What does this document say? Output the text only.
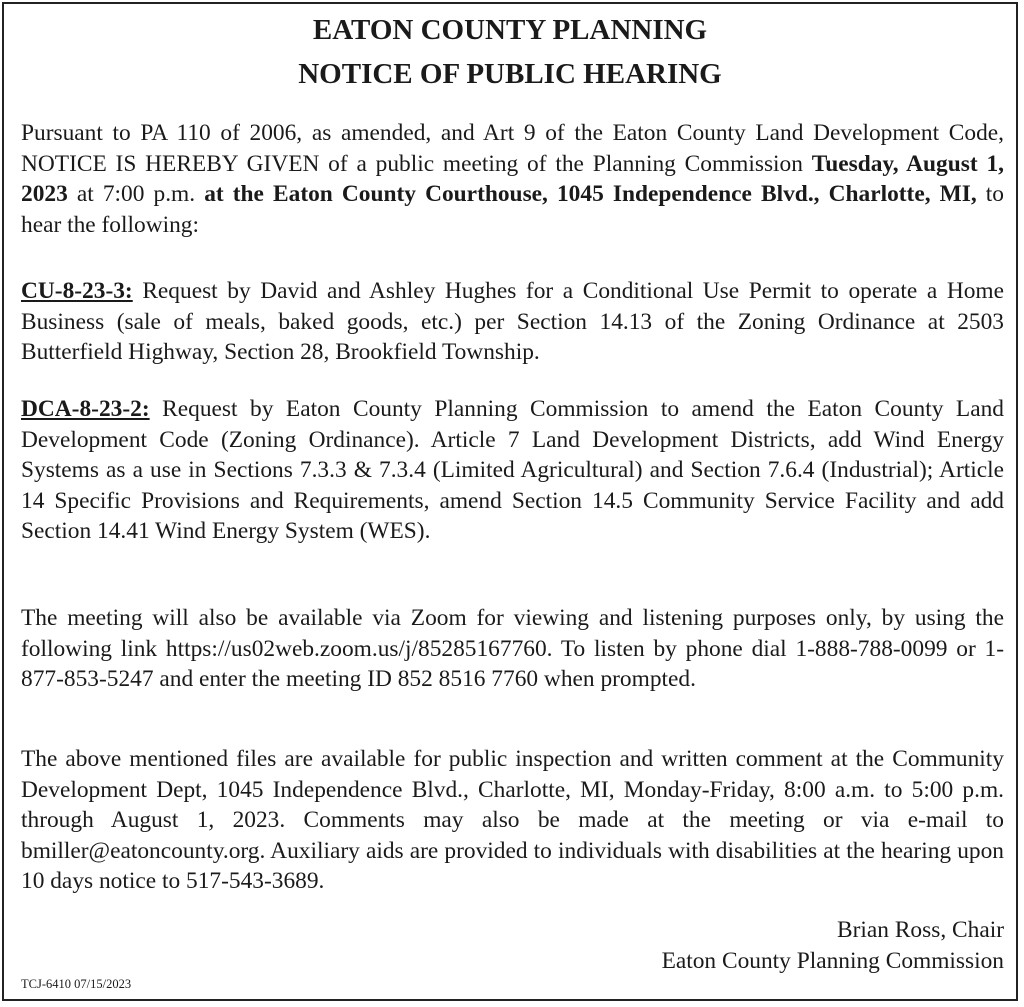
EATON COUNTY PLANNING
NOTICE OF PUBLIC HEARING
Pursuant to PA 110 of 2006, as amended, and Art 9 of the Eaton County Land Development Code, NOTICE IS HEREBY GIVEN of a public meeting of the Planning Commission Tuesday, August 1, 2023 at 7:00 p.m. at the Eaton County Courthouse, 1045 Independence Blvd., Charlotte, MI, to hear the following:
CU-8-23-3: Request by David and Ashley Hughes for a Conditional Use Permit to operate a Home Business (sale of meals, baked goods, etc.) per Section 14.13 of the Zoning Ordinance at 2503 Butterfield Highway, Section 28, Brookfield Township.
DCA-8-23-2: Request by Eaton County Planning Commission to amend the Eaton County Land Development Code (Zoning Ordinance). Article 7 Land Development Districts, add Wind Energy Systems as a use in Sections 7.3.3 & 7.3.4 (Limited Agricultural) and Section 7.6.4 (Industrial); Article 14 Specific Provisions and Requirements, amend Section 14.5 Community Service Facility and add Section 14.41 Wind Energy System (WES).
The meeting will also be available via Zoom for viewing and listening purposes only, by using the following link https://us02web.zoom.us/j/85285167760. To listen by phone dial 1-888-788-0099 or 1-877-853-5247 and enter the meeting ID 852 8516 7760 when prompted.
The above mentioned files are available for public inspection and written comment at the Community Development Dept, 1045 Independence Blvd., Charlotte, MI, Monday-Friday, 8:00 a.m. to 5:00 p.m. through August 1, 2023. Comments may also be made at the meeting or via e-mail to bmiller@eatoncounty.org. Auxiliary aids are provided to individuals with disabilities at the hearing upon 10 days notice to 517-543-3689.
Brian Ross, Chair
Eaton County Planning Commission
TCJ-6410 07/15/2023
